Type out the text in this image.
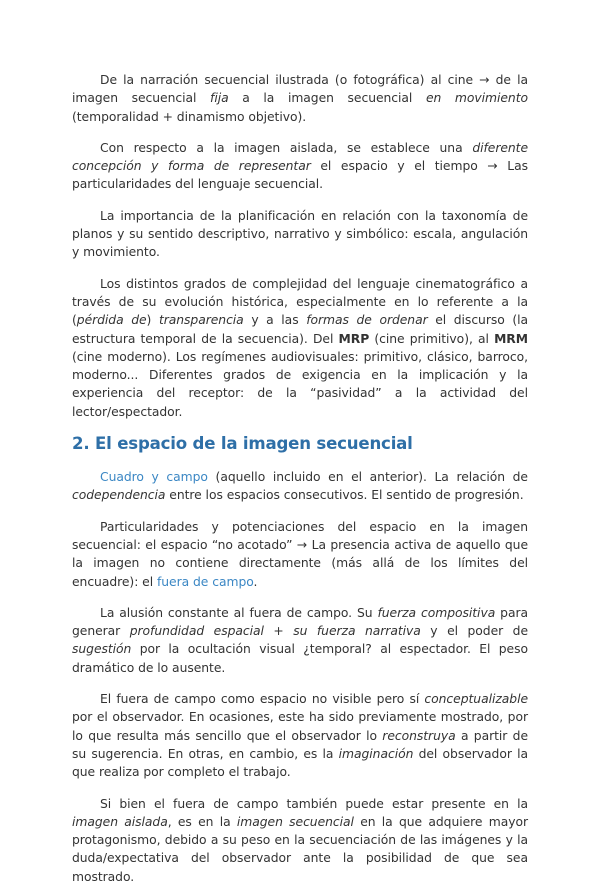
De la narración secuencial ilustrada (o fotográfica) al cine → de la imagen secuencial fija a la imagen secuencial en movimiento (temporalidad + dinamismo objetivo).

Con respecto a la imagen aislada, se establece una diferente concepción y forma de representar el espacio y el tiempo → Las particularidades del lenguaje secuencial.

La importancia de la planificación en relación con la taxonomía de planos y su sentido descriptivo, narrativo y simbólico: escala, angulación y movimiento.

Los distintos grados de complejidad del lenguaje cinematográfico a través de su evolución histórica, especialmente en lo referente a la (pérdida de) transparencia y a las formas de ordenar el discurso (la estructura temporal de la secuencia). Del MRP (cine primitivo), al MRM (cine moderno). Los regímenes audiovisuales: primitivo, clásico, barroco, moderno... Diferentes grados de exigencia en la implicación y la experiencia del receptor: de la “pasividad” a la actividad del lector/espectador.

2. El espacio de la imagen secuencial

Cuadro y campo (aquello incluido en el anterior). La relación de codependencia entre los espacios consecutivos. El sentido de progresión.

Particularidades y potenciaciones del espacio en la imagen secuencial: el espacio “no acotado” → La presencia activa de aquello que la imagen no contiene directamente (más allá de los límites del encuadre): el fuera de campo.

La alusión constante al fuera de campo. Su fuerza compositiva para generar profundidad espacial + su fuerza narrativa y el poder de sugestión por la ocultación visual ¿temporal? al espectador. El peso dramático de lo ausente.

El fuera de campo como espacio no visible pero sí conceptualizable por el observador. En ocasiones, este ha sido previamente mostrado, por lo que resulta más sencillo que el observador lo reconstruya a partir de su sugerencia. En otras, en cambio, es la imaginación del observador la que realiza por completo el trabajo.

Si bien el fuera de campo también puede estar presente en la imagen aislada, es en la imagen secuencial en la que adquiere mayor protagonismo, debido a su peso en la secuenciación de las imágenes y la duda/expectativa del observador ante la posibilidad de que sea mostrado.
